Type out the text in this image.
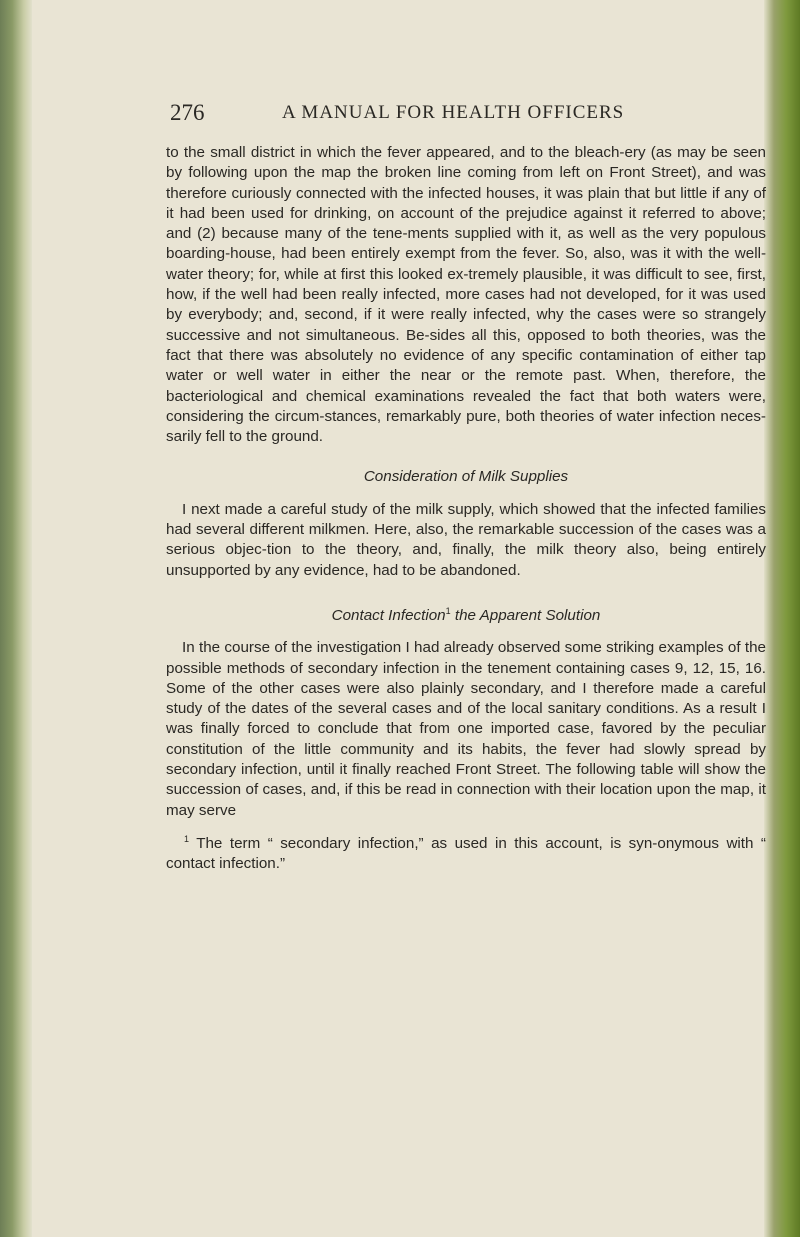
276	A MANUAL FOR HEALTH OFFICERS

to the small district in which the fever appeared, and to the bleach-ery (as may be seen by following upon the map the broken line coming from left on Front Street), and was therefore curiously connected with the infected houses, it was plain that but little if any of it had been used for drinking, on account of the prejudice against it referred to above; and (2) because many of the tene-ments supplied with it, as well as the very populous boarding-house, had been entirely exempt from the fever. So, also, was it with the well-water theory; for, while at first this looked ex-tremely plausible, it was difficult to see, first, how, if the well had been really infected, more cases had not developed, for it was used by everybody; and, second, if it were really infected, why the cases were so strangely successive and not simultaneous. Be-sides all this, opposed to both theories, was the fact that there was absolutely no evidence of any specific contamination of either tap water or well water in either the near or the remote past. When, therefore, the bacteriological and chemical examinations revealed the fact that both waters were, considering the circum-stances, remarkably pure, both theories of water infection neces-sarily fell to the ground.

Consideration of Milk Supplies

I next made a careful study of the milk supply, which showed that the infected families had several different milkmen. Here, also, the remarkable succession of the cases was a serious objec-tion to the theory, and, finally, the milk theory also, being entirely unsupported by any evidence, had to be abandoned.

Contact Infection$^1$ the Apparent Solution

In the course of the investigation I had already observed some striking examples of the possible methods of secondary infection in the tenement containing cases 9, 12, 15, 16. Some of the other cases were also plainly secondary, and I therefore made a careful study of the dates of the several cases and of the local sanitary conditions. As a result I was finally forced to conclude that from one imported case, favored by the peculiar constitution of the little community and its habits, the fever had slowly spread by secondary infection, until it finally reached Front Street. The following table will show the succession of cases, and, if this be read in connection with their location upon the map, it may serve

$^1$ The term “ secondary infection,” as used in this account, is syn-onymous with “ contact infection.”
